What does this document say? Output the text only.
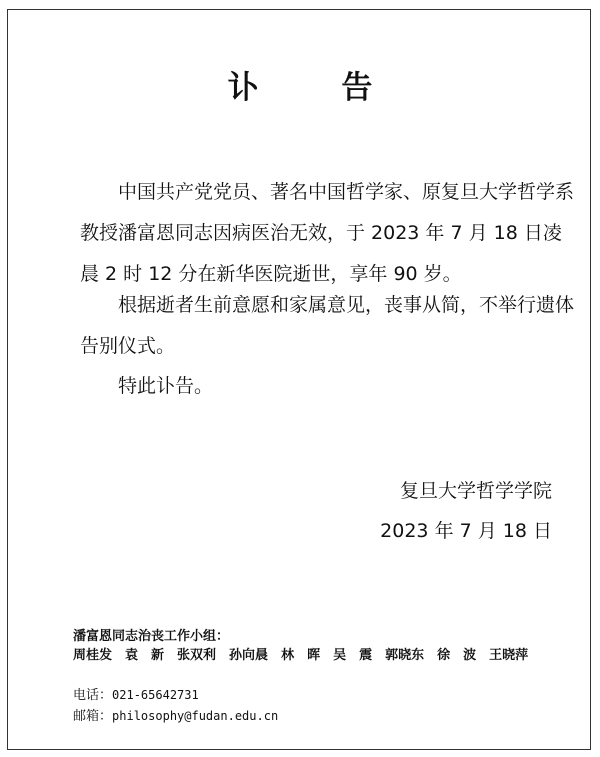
讣 告

中国共产党党员、著名中国哲学家、原复旦大学哲学系教授潘富恩同志因病医治无效，于 2023 年 7 月 18 日凌晨 2 时 12 分在新华医院逝世，享年 90 岁。

根据逝者生前意愿和家属意见，丧事从简，不举行遗体告别仪式。

特此讣告。

复旦大学哲学学院

2023 年 7 月 18 日

潘富恩同志治丧工作小组：

周桂发 袁　新 张双利 孙向晨 林　晖 吴　震 郭晓东 徐　波 王晓萍

电话：021-65642731

邮箱：philosophy@fudan.edu.cn
